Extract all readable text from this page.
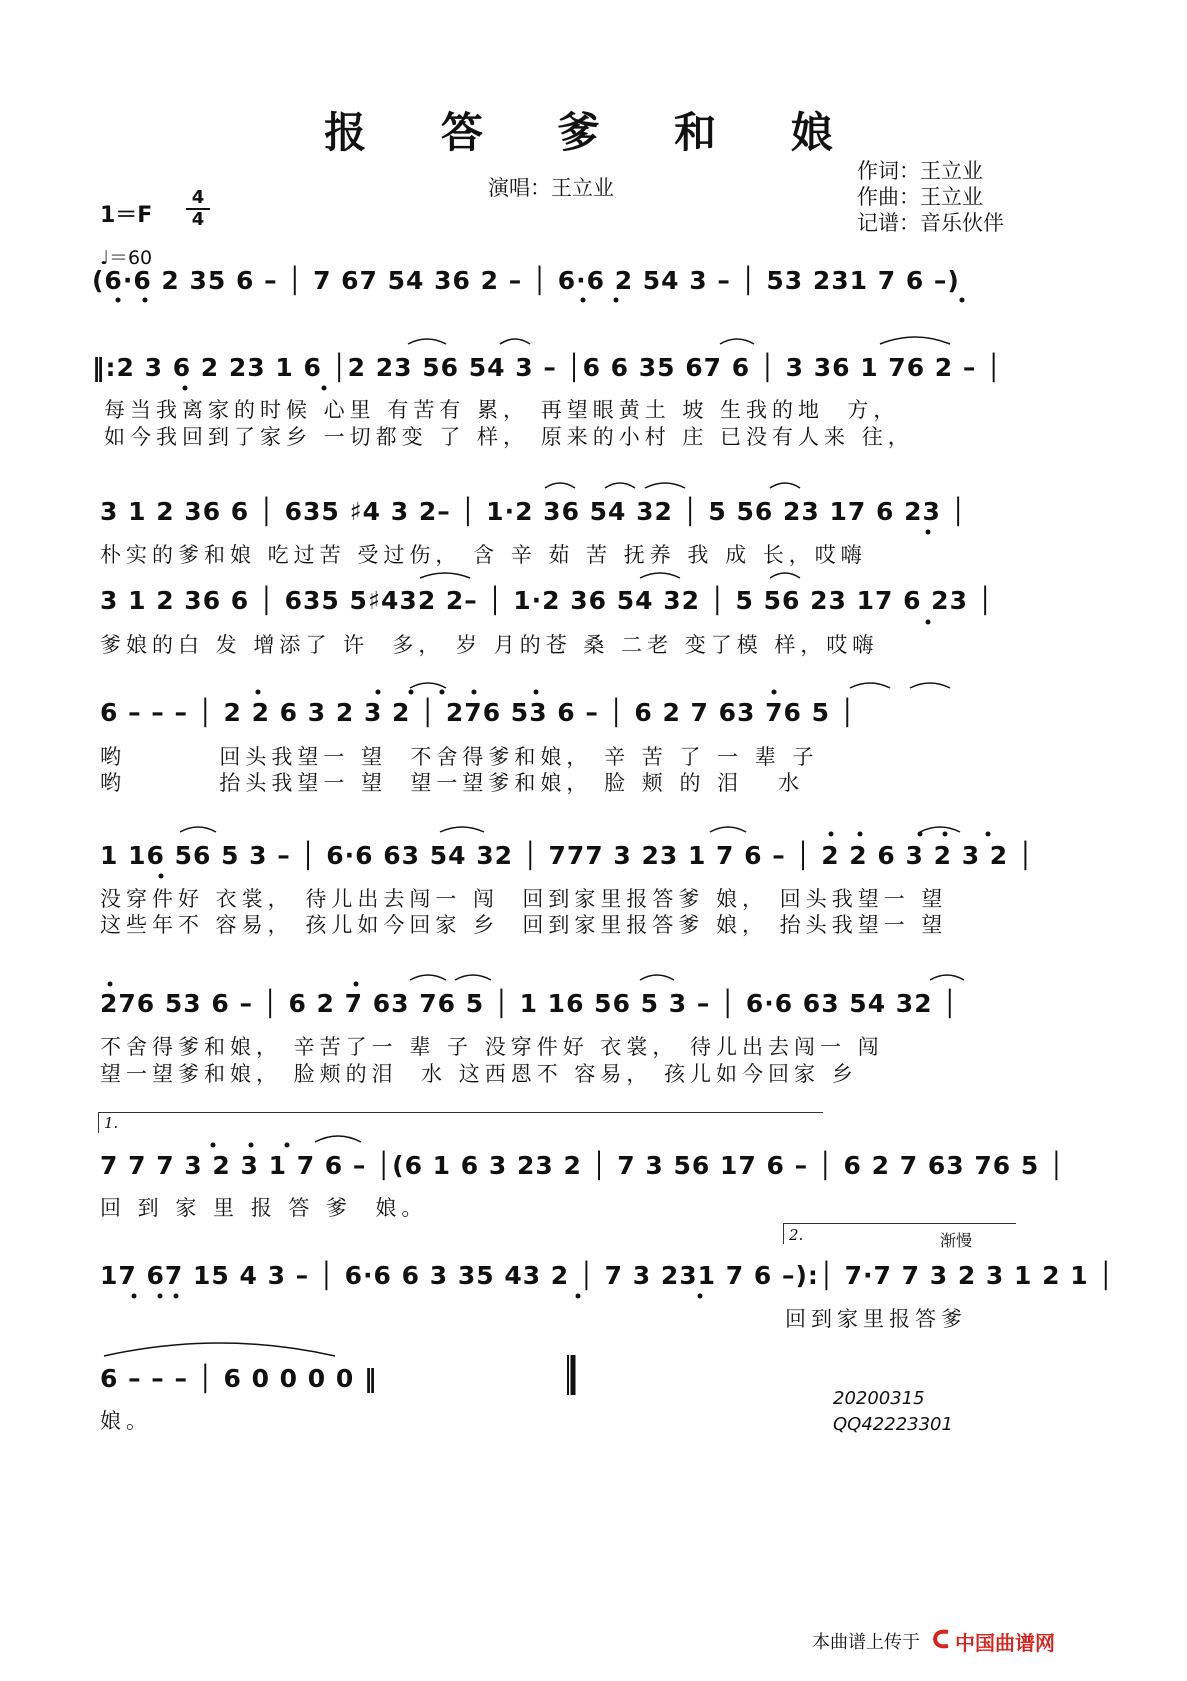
报 答 爹 和 娘
演唱：王立业
作词：王立业
作曲：王立业
记谱：音乐伙伴
1＝F
4
4
♩＝60
(6·6 2 35 6 – │ 7 67 54 36 2 – │ 6·6 2 54 3 – │ 53 231 7 6 –)
‖:2 3 6 2 23 1 6 │2 23 56 54 3 – │6 6 35 67 6 │ 3 36 1 76 2 – │
每当我离家的时候 心里 有苦有 累， 再望眼黄土 坡 生我的地  方，
如今我回到了家乡 一切都变 了 样， 原来的小村 庄 已没有人来 往，
3 1 2 36 6 │ 635 ♯4 3 2– │ 1·2 36 54 32 │ 5 56 23 17 6 23 │
朴实的爹和娘 吃过苦 受过伤， 含 辛 茹 苦 抚养 我 成 长，哎嗨
3 1 2 36 6 │ 635 5♯432 2– │ 1·2 36 54 32 │ 5 56 23 17 6 23 │
爹娘的白 发 增添了 许  多， 岁 月的苍 桑 二老 变了模 样，哎嗨
6 – – – │ 2 2 6 3 2 3 2 │ 276 53 6 – │ 6 2 7 63 76 5 │
哟        回头我望一 望  不舍得爹和娘， 辛 苦 了 一 辈 子
哟        抬头我望一 望  望一望爹和娘， 脸 颊 的 泪   水
1 16 56 5 3 – │ 6·6 63 54 32 │ 777 3 23 1 7 6 – │ 2 2 6 3 2 3 2 │
没穿件好 衣裳， 待儿出去闯一 闯  回到家里报答爹 娘， 回头我望一 望
这些年不 容易， 孩儿如今回家 乡  回到家里报答爹 娘， 抬头我望一 望
276 53 6 – │ 6 2 7 63 76 5 │ 1 16 56 5 3 – │ 6·6 63 54 32 │
不舍得爹和娘， 辛苦了一 辈 子 没穿件好 衣裳， 待儿出去闯一 闯
望一望爹和娘， 脸颊的泪  水 这西恩不 容易， 孩儿如今回家 乡
1.
7 7 7 3 2 3 1 7 6 – │(6 1 6 3 23 2 │ 7 3 56 17 6 – │ 6 2 7 63 76 5 │
回 到 家 里 报 答 爹  娘。
2.	渐慢
17 67 15 4 3 – │ 6·6 6 3 35 43 2 │ 7 3 231 7 6 –):│ 7·7 7 3 2 3 1 2 1 │
回到家里报答爹
6 – – – │ 6 0 0 0 0 ‖
娘。
20200315
QQ42223301
本曲谱上传于 中国曲谱网
